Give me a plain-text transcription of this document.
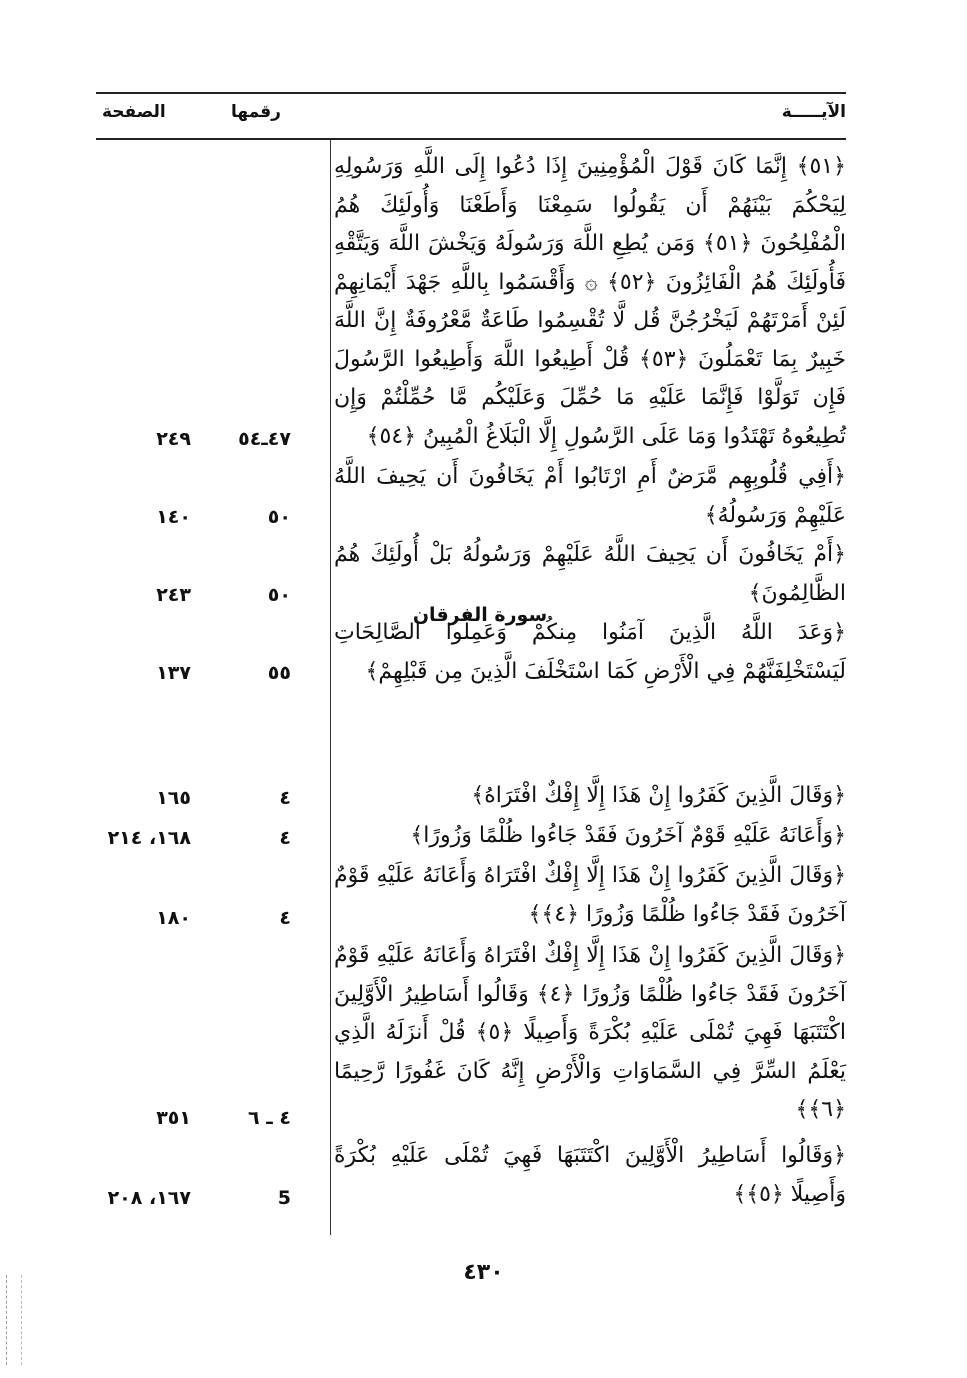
الآيـــــة
رقمها
الصفحة
﴿٥١﴾ إِنَّمَا كَانَ قَوْلَ الْمُؤْمِنِينَ إِذَا دُعُوا إِلَى اللَّهِ وَرَسُولِهِ لِيَحْكُمَ بَيْنَهُمْ أَن يَقُولُوا سَمِعْنَا وَأَطَعْنَا وَأُولَئِكَ هُمُ الْمُفْلِحُونَ ﴿٥١﴾ وَمَن يُطِعِ اللَّهَ وَرَسُولَهُ وَيَخْشَ اللَّهَ وَيَتَّقْهِ فَأُولَئِكَ هُمُ الْفَائِزُونَ ﴿٥٢﴾ ۞ وَأَقْسَمُوا بِاللَّهِ جَهْدَ أَيْمَانِهِمْ لَئِنْ أَمَرْتَهُمْ لَيَخْرُجُنَّ قُل لَّا تُقْسِمُوا طَاعَةٌ مَّعْرُوفَةٌ إِنَّ اللَّهَ خَبِيرٌ بِمَا تَعْمَلُونَ ﴿٥٣﴾ قُلْ أَطِيعُوا اللَّهَ وَأَطِيعُوا الرَّسُولَ فَإِن تَوَلَّوْا فَإِنَّمَا عَلَيْهِ مَا حُمِّلَ وَعَلَيْكُم مَّا حُمِّلْتُمْ وَإِن تُطِيعُوهُ تَهْتَدُوا وَمَا عَلَى الرَّسُولِ إِلَّا الْبَلَاغُ الْمُبِينُ ﴿٥٤﴾
٤٧ـ٥٤
٢٤٩
﴿أَفِي قُلُوبِهِم مَّرَضٌ أَمِ ارْتَابُوا أَمْ يَخَافُونَ أَن يَحِيفَ اللَّهُ عَلَيْهِمْ وَرَسُولُهُ﴾
٥٠
١٤٠
﴿أَمْ يَخَافُونَ أَن يَحِيفَ اللَّهُ عَلَيْهِمْ وَرَسُولُهُ بَلْ أُولَئِكَ هُمُ الظَّالِمُونَ﴾
٥٠
٢٤٣
﴿وَعَدَ اللَّهُ الَّذِينَ آمَنُوا مِنكُمْ وَعَمِلُوا الصَّالِحَاتِ لَيَسْتَخْلِفَنَّهُمْ فِي الْأَرْضِ كَمَا اسْتَخْلَفَ الَّذِينَ مِن قَبْلِهِمْ﴾
٥٥
١٣٧
﴿وَقَالَ الَّذِينَ كَفَرُوا إِنْ هَذَا إِلَّا إِفْكٌ افْتَرَاهُ﴾
٤
١٦٥
﴿وَأَعَانَهُ عَلَيْهِ قَوْمٌ آخَرُونَ فَقَدْ جَاءُوا ظُلْمًا وَزُورًا﴾
٤
١٦٨، ٢١٤
﴿وَقَالَ الَّذِينَ كَفَرُوا إِنْ هَذَا إِلَّا إِفْكٌ افْتَرَاهُ وَأَعَانَهُ عَلَيْهِ قَوْمٌ آخَرُونَ فَقَدْ جَاءُوا ظُلْمًا وَزُورًا ﴿٤﴾﴾
٤
١٨٠
﴿وَقَالَ الَّذِينَ كَفَرُوا إِنْ هَذَا إِلَّا إِفْكٌ افْتَرَاهُ وَأَعَانَهُ عَلَيْهِ قَوْمٌ آخَرُونَ فَقَدْ جَاءُوا ظُلْمًا وَزُورًا ﴿٤﴾ وَقَالُوا أَسَاطِيرُ الْأَوَّلِينَ اكْتَتَبَهَا فَهِيَ تُمْلَى عَلَيْهِ بُكْرَةً وَأَصِيلًا ﴿٥﴾ قُلْ أَنزَلَهُ الَّذِي يَعْلَمُ السِّرَّ فِي السَّمَاوَاتِ وَالْأَرْضِ إِنَّهُ كَانَ غَفُورًا رَّحِيمًا ﴿٦﴾﴾
٤ ـ ٦
٣٥١
﴿وَقَالُوا أَسَاطِيرُ الْأَوَّلِينَ اكْتَتَبَهَا فَهِيَ تُمْلَى عَلَيْهِ بُكْرَةً وَأَصِيلًا ﴿٥﴾﴾
5
١٦٧، ٢٠٨
سورة الفرقان
٤٣٠
